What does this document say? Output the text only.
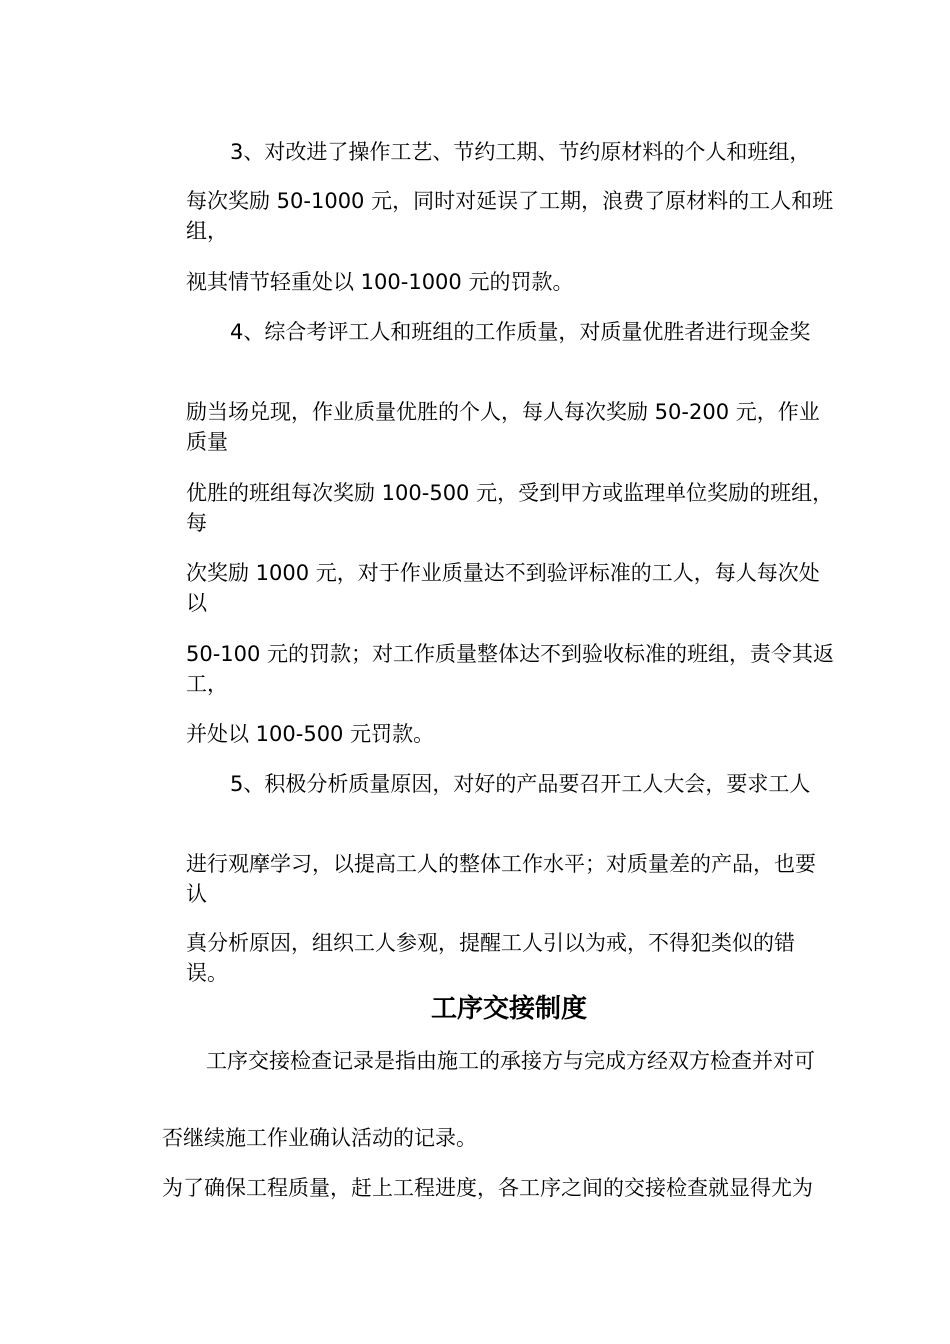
3、对改进了操作工艺、节约工期、节约原材料的个人和班组，

每次奖励 50-1000 元，同时对延误了工期，浪费了原材料的工人和班组，

视其情节轻重处以 100-1000 元的罚款。

4、综合考评工人和班组的工作质量，对质量优胜者进行现金奖

励当场兑现，作业质量优胜的个人，每人每次奖励 50-200 元，作业质量

优胜的班组每次奖励 100-500 元，受到甲方或监理单位奖励的班组，每

次奖励 1000 元，对于作业质量达不到验评标准的工人，每人每次处以

50-100 元的罚款；对工作质量整体达不到验收标准的班组，责令其返工，

并处以 100-500 元罚款。

5、积极分析质量原因，对好的产品要召开工人大会，要求工人

进行观摩学习，以提高工人的整体工作水平；对质量差的产品，也要认

真分析原因，组织工人参观，提醒工人引以为戒，不得犯类似的错误。

工序交接制度

工序交接检查记录是指由施工的承接方与完成方经双方检查并对可

否继续施工作业确认活动的记录。

为了确保工程质量，赶上工程进度，各工序之间的交接检查就显得尤为
